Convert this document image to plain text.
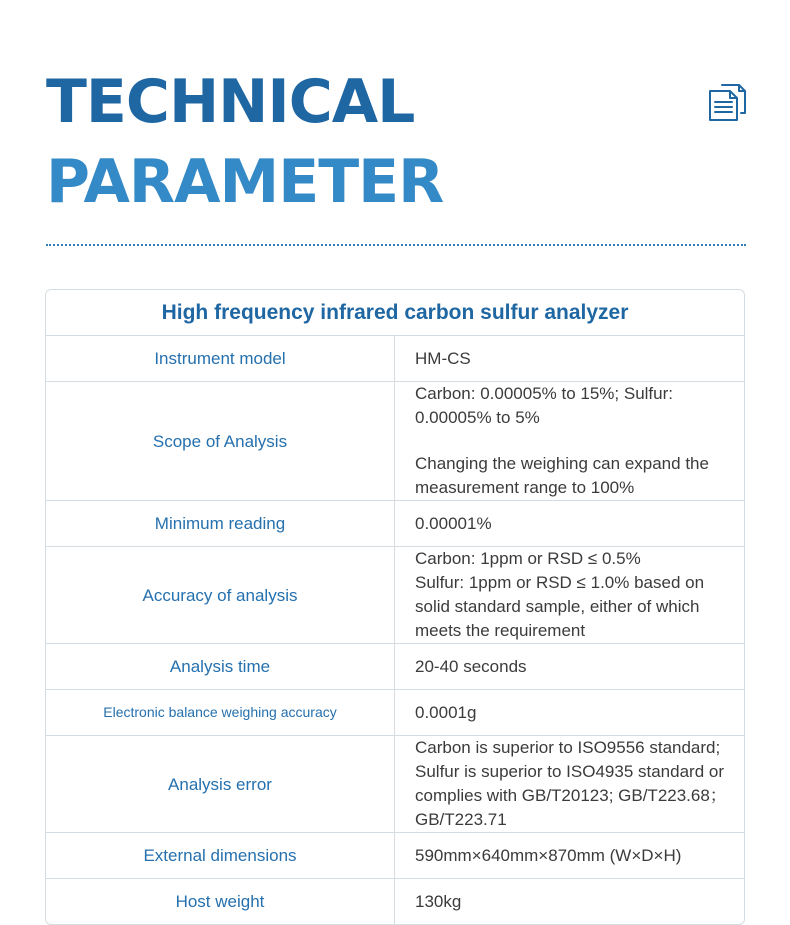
TECHNICAL
PARAMETER
High frequency infrared carbon sulfur analyzer	
Instrument model	HM-CS

Scope of Analysis	Carbon: 0.00005% to 15%; Sulfur: 0.00005% to 5%
Changing the weighing can expand the measurement range to 100%

Minimum reading	0.00001%

Accuracy of analysis	Carbon: 1ppm or RSD ≤ 0.5%
Sulfur: 1ppm or RSD ≤ 1.0% based on solid standard sample, either of which meets the requirement

Analysis time	20-40 seconds

Electronic balance weighing accuracy	0.0001g

Analysis error	Carbon is superior to ISO9556 standard;
Sulfur is superior to ISO4935 standard or complies with GB/T20123; GB/T223.68；GB/T223.71

External dimensions	590mm×640mm×870mm (W×D×H)

Host weight	130kg
